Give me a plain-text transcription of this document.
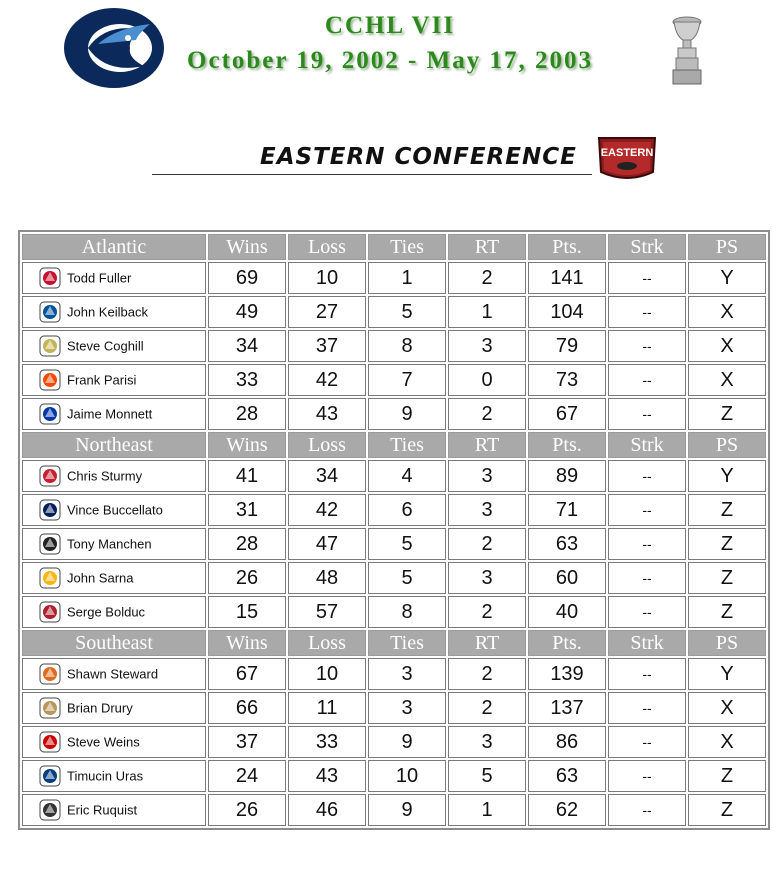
CCHL VII
October 19, 2002 - May 17, 2003
EASTERN CONFERENCE EASTERN
Atlantic	Wins	Loss	Ties	RT	Pts.	Strk	PS
Todd Fuller	69	10	1	2	141	--	Y
John Keilback	49	27	5	1	104	--	X
Steve Coghill	34	37	8	3	79	--	X
Frank Parisi	33	42	7	0	73	--	X
Jaime Monnett	28	43	9	2	67	--	Z
Northeast	Wins	Loss	Ties	RT	Pts.	Strk	PS
Chris Sturmy	41	34	4	3	89	--	Y
Vince Buccellato	31	42	6	3	71	--	Z
Tony Manchen	28	47	5	2	63	--	Z
John Sarna	26	48	5	3	60	--	Z
Serge Bolduc	15	57	8	2	40	--	Z
Southeast	Wins	Loss	Ties	RT	Pts.	Strk	PS
Shawn Steward	67	10	3	2	139	--	Y
Brian Drury	66	11	3	2	137	--	X
Steve Weins	37	33	9	3	86	--	X
Timucin Uras	24	43	10	5	63	--	Z
Eric Ruquist	26	46	9	1	62	--	Z
